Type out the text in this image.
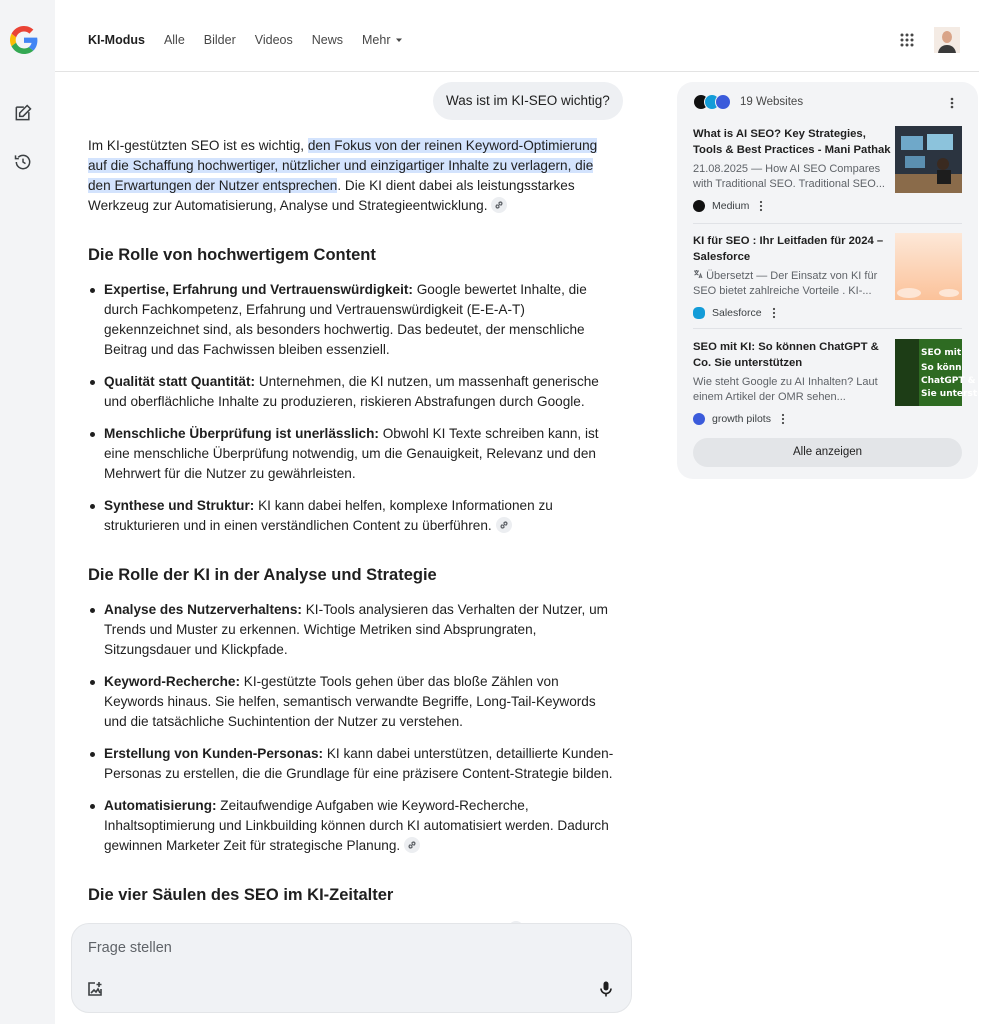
KI-Modus Alle Bilder Videos News Mehr
Was ist im KI-SEO wichtig?

Im KI-gestützten SEO ist es wichtig, den Fokus von der reinen Keyword-Optimierung auf die Schaffung hochwertiger, nützlicher und einzigartiger Inhalte zu verlagern, die den Erwartungen der Nutzer entsprechen. Die KI dient dabei als leistungsstarkes Werkzeug zur Automatisierung, Analyse und Strategieentwicklung.

Die Rolle von hochwertigem Content
Expertise, Erfahrung und Vertrauenswürdigkeit: Google bewertet Inhalte, die durch Fachkompetenz, Erfahrung und Vertrauenswürdigkeit (E-E-A-T) gekennzeichnet sind, als besonders hochwertig. Das bedeutet, der menschliche Beitrag und das Fachwissen bleiben essenziell.
Qualität statt Quantität: Unternehmen, die KI nutzen, um massenhaft generische und oberflächliche Inhalte zu produzieren, riskieren Abstrafungen durch Google.
Menschliche Überprüfung ist unerlässlich: Obwohl KI Texte schreiben kann, ist eine menschliche Überprüfung notwendig, um die Genauigkeit, Relevanz und den Mehrwert für die Nutzer zu gewährleisten.
Synthese und Struktur: KI kann dabei helfen, komplexe Informationen zu strukturieren und in einen verständlichen Content zu überführen.
Die Rolle der KI in der Analyse und Strategie
Analyse des Nutzerverhaltens: KI-Tools analysieren das Verhalten der Nutzer, um Trends und Muster zu erkennen. Wichtige Metriken sind Absprungraten, Sitzungsdauer und Klickpfade.
Keyword-Recherche: KI-gestützte Tools gehen über das bloße Zählen von Keywords hinaus. Sie helfen, semantisch verwandte Begriffe, Long-Tail-Keywords und die tatsächliche Suchintention der Nutzer zu verstehen.
Erstellung von Kunden-Personas: KI kann dabei unterstützen, detaillierte Kunden-Personas zu erstellen, die die Grundlage für eine präzisere Content-Strategie bilden.
Automatisierung: Zeitaufwendige Aufgaben wie Keyword-Recherche, Inhaltsoptimierung und Linkbuilding können durch KI automatisiert werden. Dadurch gewinnen Marketer Zeit für strategische Planung.
Die vier Säulen des SEO im KI-Zeitalter

Frage stellen
19 Websites
What is AI SEO? Key Strategies, Tools & Best Practices - Mani Pathak
21.08.2025 — How AI SEO Compares with Traditional SEO. Traditional SEO...
Medium
KI für SEO : Ihr Leitfaden für 2024 – Salesforce
Übersetzt — Der Einsatz von KI für SEO bietet zahlreiche Vorteile . KI-...
Salesforce
SEO mit KI: So können ChatGPT & Co. Sie unterstützen
Wie steht Google zu AI Inhalten? Laut einem Artikel der OMR sehen...
growth pilots
SEO mit
So könn
ChatGPT &
Sie unterstü
Alle anzeigen
